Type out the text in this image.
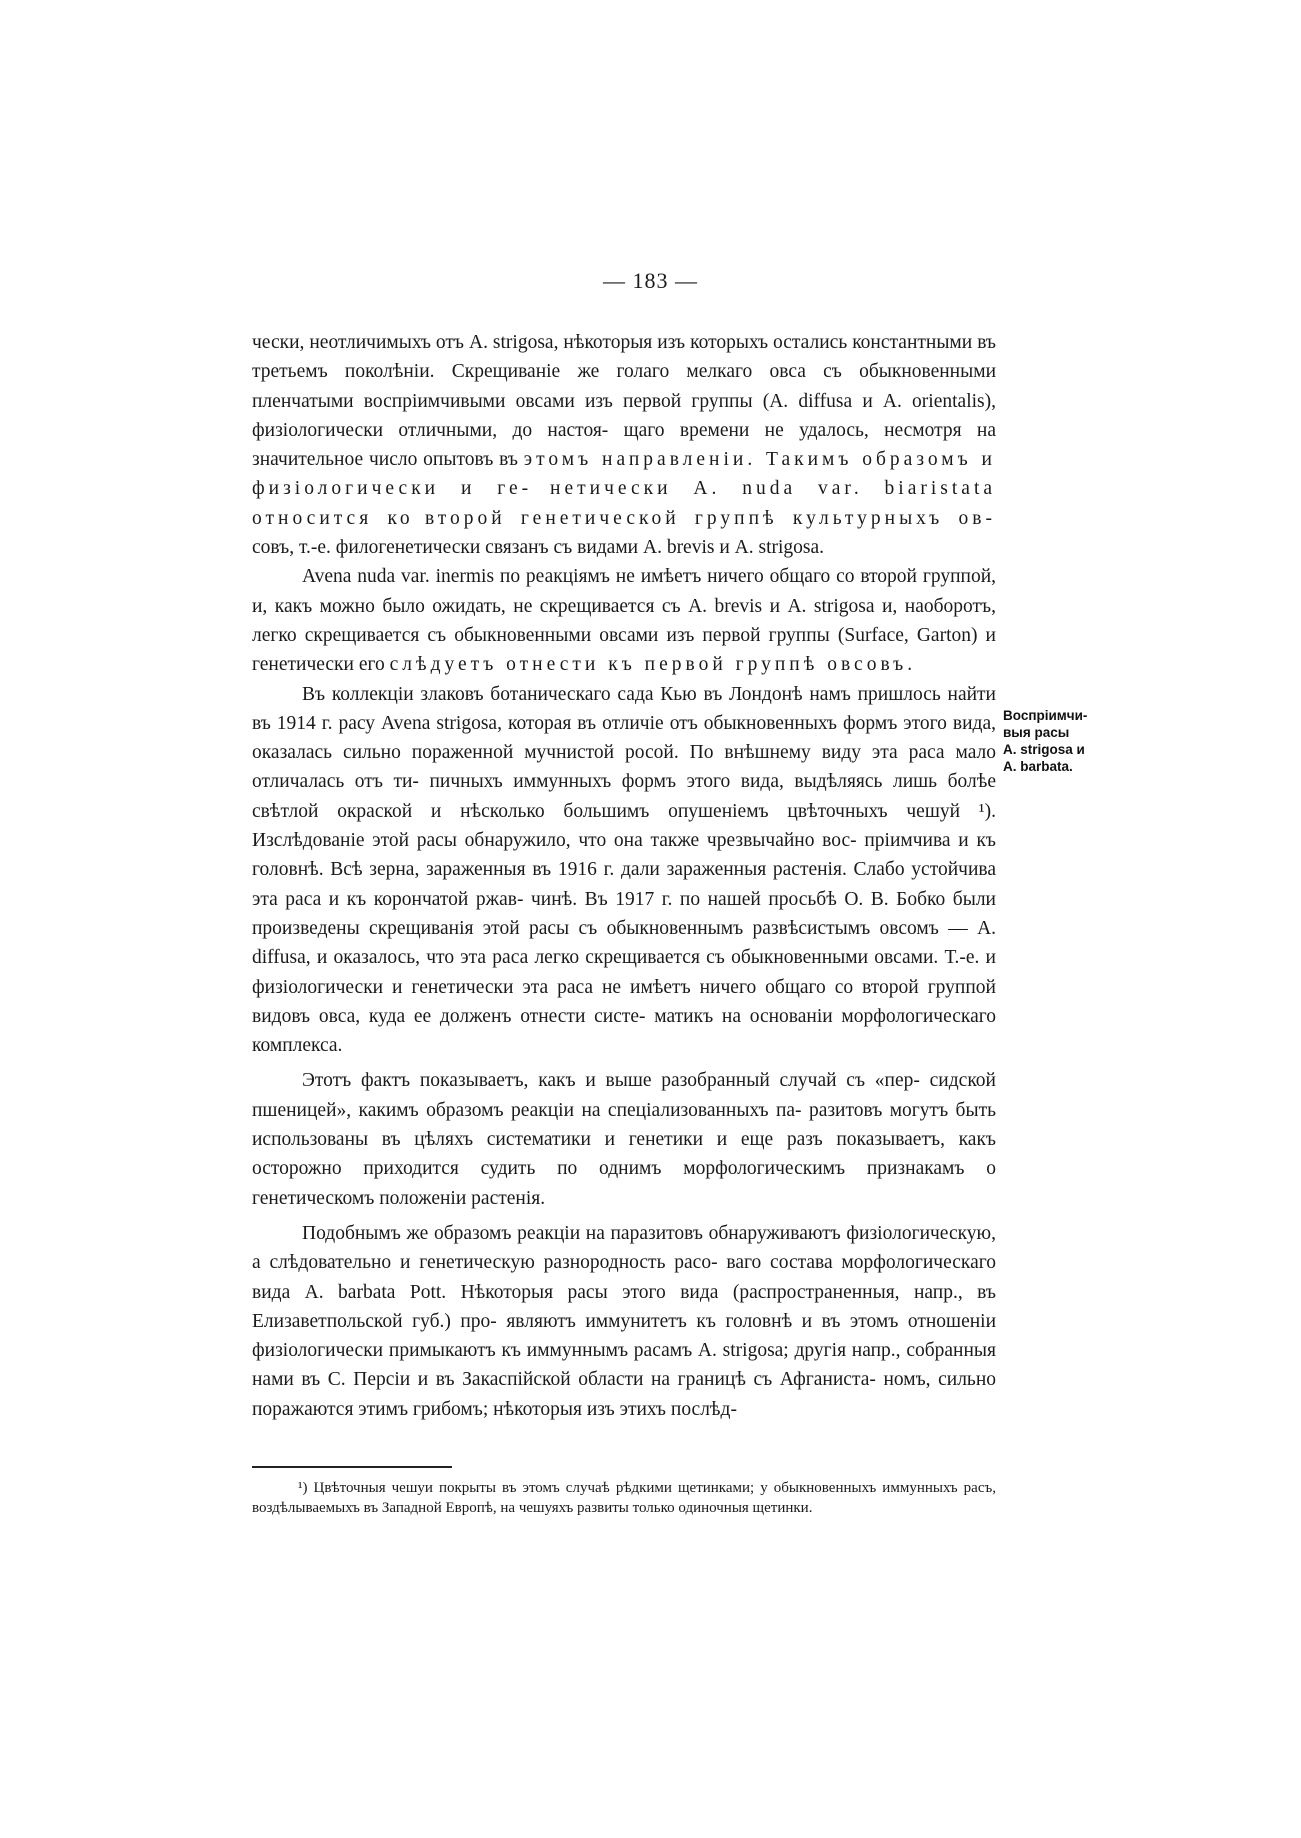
— 183 —

чески, неотличимыхъ отъ A. strigosa, нѣкоторыя изъ которыхъ остались константными въ третьемъ поколѣніи. Скрещиваніе же голаго мелкаго овса съ обыкновенными пленчатыми воспріимчивыми овсами изъ первой группы (A. diffusa и A. orientalis), физiологически отличными, до настоя- щаго времени не удалось, несмотря на значительное число опытовъ въ этомъ направленіи. Такимъ образомъ и физіологически и ге- нетически A. nuda var. biaristata относится ко второй генетической группѣ культурныхъ ов- совъ, т.-е. филогенетически связанъ съ видами A. brevis и A. strigosa.

Avena nuda var. inermis по реакціямъ не имѣетъ ничего общаго со второй группой, и, какъ можно было ожидать, не скрещивается съ A. brevis и A. strigosa и, наоборотъ, легко скрещивается съ обыкновенными овсами изъ первой группы (Surface, Garton) и генетически его слѣдуетъ отнести къ первой группѣ овсовъ.

Въ коллекціи злаковъ ботаническаго сада Кью въ Лондонѣ намъ пришлось найти въ 1914 г. расу Avena strigosa, которая въ отличіе отъ обыкновенныхъ формъ этого вида, оказалась сильно пораженной мучнистой росой. По внѣшнему виду эта раса мало отличалась отъ ти- пичныхъ иммунныхъ формъ этого вида, выдѣляясь лишь болѣе свѣтлой окраской и нѣсколько большимъ опушеніемъ цвѣточныхъ чешуй ¹). Изслѣдованіе этой расы обнаружило, что она также чрезвычайно вос- пріимчива и къ головнѣ. Всѣ зерна, зараженныя въ 1916 г. дали зараженныя растенія. Слабо устойчива эта раса и къ корончатой ржав- чинѣ. Въ 1917 г. по нашей просьбѣ О. В. Бобко были произведены скрещиванія этой расы съ обыкновеннымъ развѣсистымъ овсомъ — A. diffusa, и оказалось, что эта раса легко скрещивается съ обыкновенными овсами. Т.-е. и физіологически и генетически эта раса не имѣетъ ничего общаго со второй группой видовъ овса, куда ее долженъ отнести систе- матикъ на основаніи морфологическаго комплекса.

Этотъ фактъ показываетъ, какъ и выше разобранный случай съ «пер- сидской пшеницей», какимъ образомъ реакціи на спеціализованныхъ па- разитовъ могутъ быть использованы въ цѣляхъ систематики и генетики и еще разъ показываетъ, какъ осторожно приходится судить по однимъ морфологическимъ признакамъ о генетическомъ положеніи растенія.

Подобнымъ же образомъ реакціи на паразитовъ обнаруживаютъ физіологическую, а слѣдовательно и генетическую разнородность расо- ваго состава морфологическаго вида A. barbata Pott. Нѣкоторыя расы этого вида (распространенныя, напр., въ Елизаветпольской губ.) про- являютъ иммунитетъ къ головнѣ и въ этомъ отношеніи физіологически примыкаютъ къ иммуннымъ расамъ A. strigosa; другія напр., собранныя нами въ С. Персіи и въ Закаспійской области на границѣ съ Афганиста- номъ, сильно поражаются этимъ грибомъ; нѣкоторыя изъ этихъ послѣд-

Воспріимчи-
выя расы
A. strigosa и
A. barbata.

¹) Цвѣточныя чешуи покрыты въ этомъ случаѣ рѣдкими щетинками; у обыкновенныхъ иммунныхъ расъ, воздѣлываемыхъ въ Западной Европѣ, на чешуяхъ развиты только одиночныя щетинки.
